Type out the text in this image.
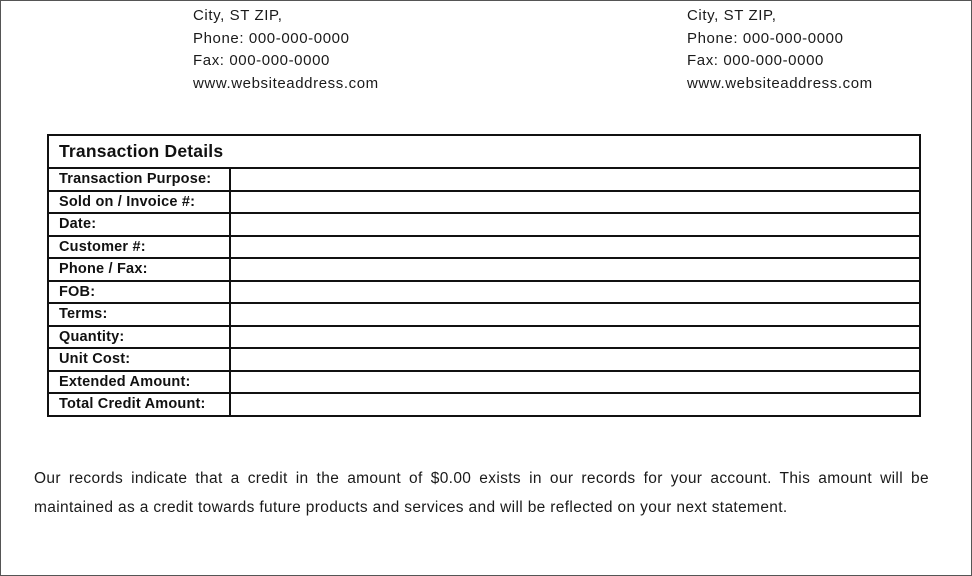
City, ST ZIP,
Phone: 000-000-0000
Fax: 000-000-0000
www.websiteaddress.com
City, ST ZIP,
Phone: 000-000-0000
Fax: 000-000-0000
www.websiteaddress.com
Transaction Details	
Transaction Purpose:	
Sold on / Invoice #:	
Date:	
Customer #:	
Phone / Fax:	
FOB:	
Terms:	
Quantity:	
Unit Cost:	
Extended Amount:	
Total Credit Amount:	
Our records indicate that a credit in the amount of $0.00 exists in our records for your account. This amount will be maintained as a credit towards future products and services and will be reflected on your next statement.
